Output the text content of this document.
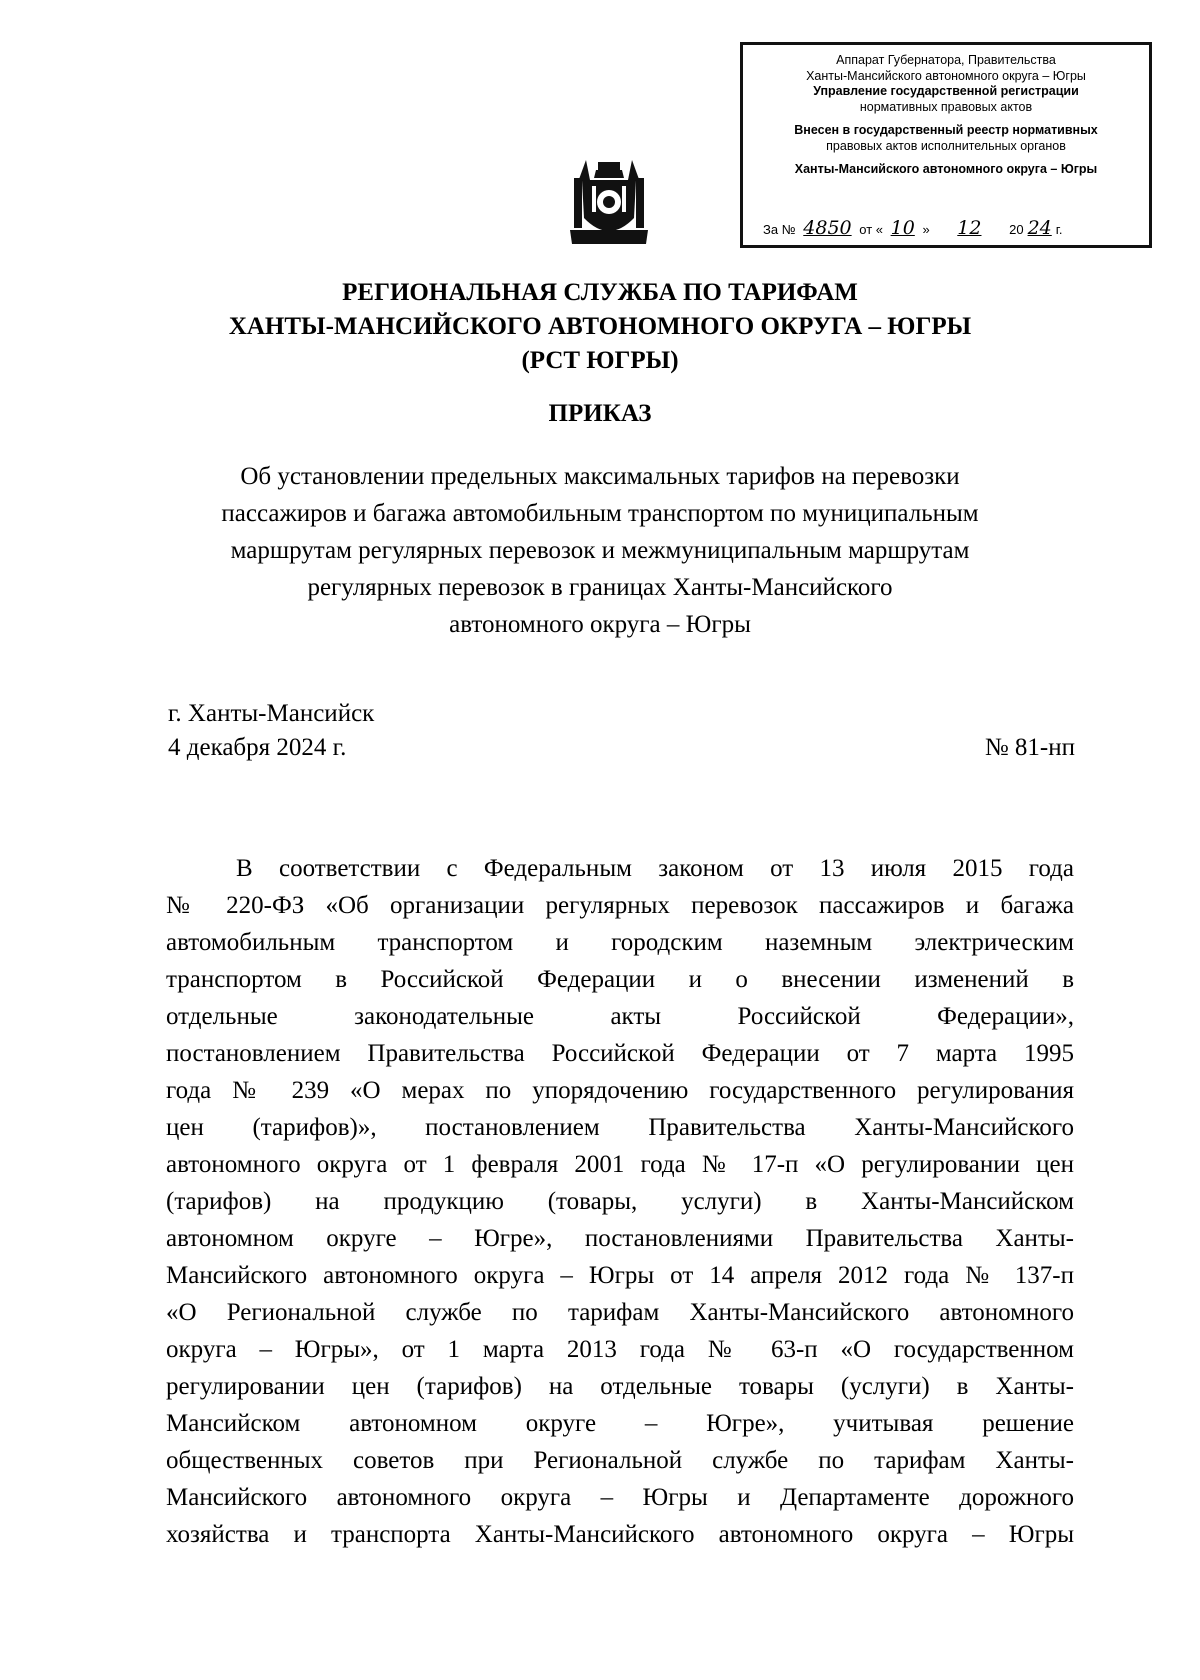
Аппарат Губернатора, Правительства
Ханты-Мансийского автономного округа – Югры
Управление государственной регистрации
нормативных правовых актов
Внесен в государственный реестр нормативных
правовых актов исполнительных органов
Ханты-Мансийского автономного округа – Югры
За № 4850 от « 10 » 12 20 24 г.
РЕГИОНАЛЬНАЯ СЛУЖБА ПО ТАРИФАМ
ХАНТЫ-МАНСИЙСКОГО АВТОНОМНОГО ОКРУГА – ЮГРЫ
(РСТ ЮГРЫ)
ПРИКАЗ
Об установлении предельных максимальных тарифов на перевозки
пассажиров и багажа автомобильным транспортом по муниципальным
маршрутам регулярных перевозок и межмуниципальным маршрутам
регулярных перевозок в границах Ханты-Мансийского
автономного округа – Югры
г. Ханты-Мансийск
4 декабря 2024 г.	№ 81-нп
В соответствии с Федеральным законом от 13 июля 2015 года
№ 220-ФЗ «Об организации регулярных перевозок пассажиров и багажа
автомобильным транспортом и городским наземным электрическим
транспортом в Российской Федерации и о внесении изменений в
отдельные законодательные акты Российской Федерации»,
постановлением Правительства Российской Федерации от 7 марта 1995
года № 239 «О мерах по упорядочению государственного регулирования
цен (тарифов)», постановлением Правительства Ханты-Мансийского
автономного округа от 1 февраля 2001 года № 17-п «О регулировании цен
(тарифов) на продукцию (товары, услуги) в Ханты-Мансийском
автономном округе – Югре», постановлениями Правительства Ханты-
Мансийского автономного округа – Югры от 14 апреля 2012 года № 137-п
«О Региональной службе по тарифам Ханты-Мансийского автономного
округа – Югры», от 1 марта 2013 года № 63-п «О государственном
регулировании цен (тарифов) на отдельные товары (услуги) в Ханты-
Мансийском автономном округе – Югре», учитывая решение
общественных советов при Региональной службе по тарифам Ханты-
Мансийского автономного округа – Югры и Департаменте дорожного
хозяйства и транспорта Ханты-Мансийского автономного округа – Югры
